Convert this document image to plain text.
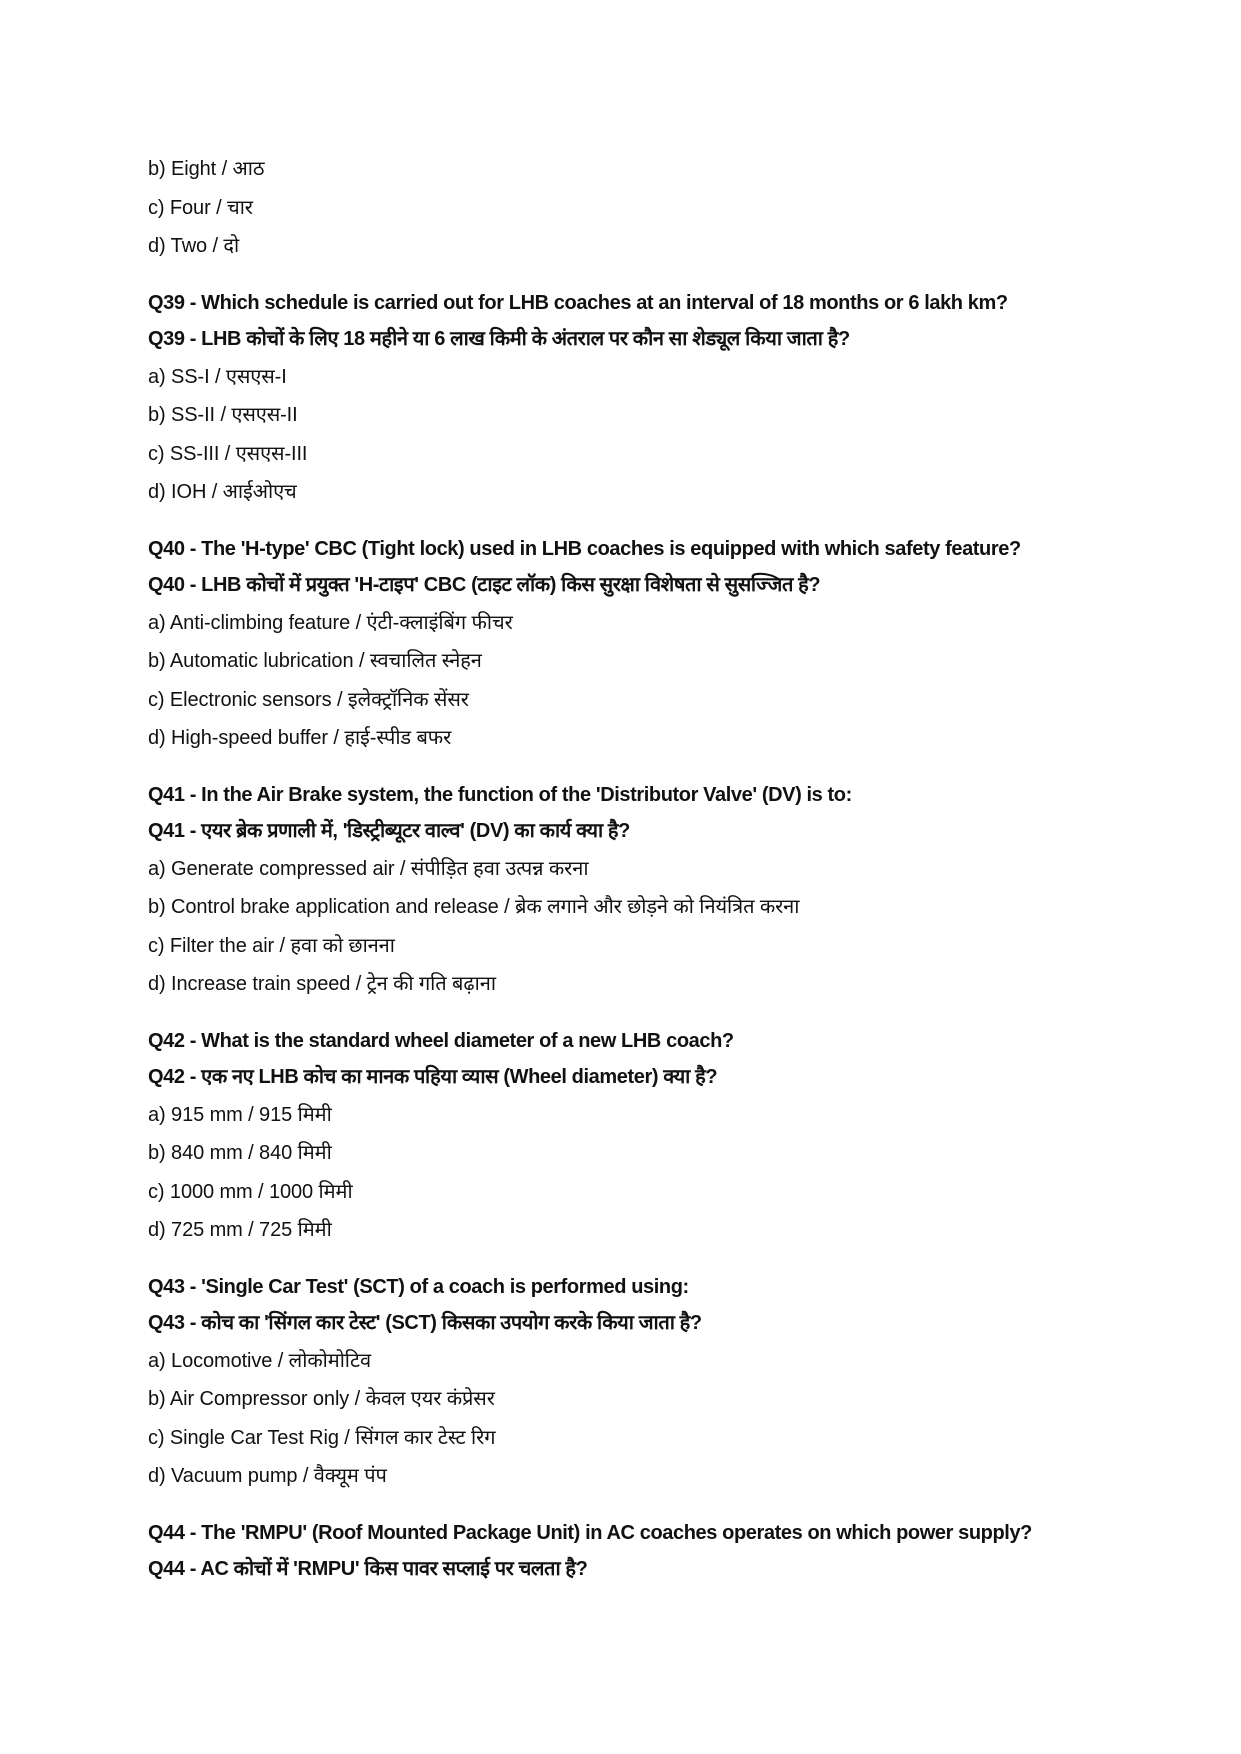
b) Eight / आठ
c) Four / चार
d) Two / दो
Q39 - Which schedule is carried out for LHB coaches at an interval of 18 months or 6 lakh km?
Q39 - LHB कोचों के लिए 18 महीने या 6 लाख किमी के अंतराल पर कौन सा शेड्यूल किया जाता है?
a) SS-I / एसएस-I
b) SS-II / एसएस-II
c) SS-III / एसएस-III
d) IOH / आईओएच
Q40 - The 'H-type' CBC (Tight lock) used in LHB coaches is equipped with which safety feature?
Q40 - LHB कोचों में प्रयुक्त 'H-टाइप' CBC (टाइट लॉक) किस सुरक्षा विशेषता से सुसज्जित है?
a) Anti-climbing feature / एंटी-क्लाइंबिंग फीचर
b) Automatic lubrication / स्वचालित स्नेहन
c) Electronic sensors / इलेक्ट्रॉनिक सेंसर
d) High-speed buffer / हाई-स्पीड बफर
Q41 - In the Air Brake system, the function of the 'Distributor Valve' (DV) is to:
Q41 - एयर ब्रेक प्रणाली में, 'डिस्ट्रीब्यूटर वाल्व' (DV) का कार्य क्या है?
a) Generate compressed air / संपीड़ित हवा उत्पन्न करना
b) Control brake application and release / ब्रेक लगाने और छोड़ने को नियंत्रित करना
c) Filter the air / हवा को छानना
d) Increase train speed / ट्रेन की गति बढ़ाना
Q42 - What is the standard wheel diameter of a new LHB coach?
Q42 - एक नए LHB कोच का मानक पहिया व्यास (Wheel diameter) क्या है?
a) 915 mm / 915 मिमी
b) 840 mm / 840 मिमी
c) 1000 mm / 1000 मिमी
d) 725 mm / 725 मिमी
Q43 - 'Single Car Test' (SCT) of a coach is performed using:
Q43 - कोच का 'सिंगल कार टेस्ट' (SCT) किसका उपयोग करके किया जाता है?
a) Locomotive / लोकोमोटिव
b) Air Compressor only / केवल एयर कंप्रेसर
c) Single Car Test Rig / सिंगल कार टेस्ट रिग
d) Vacuum pump / वैक्यूम पंप
Q44 - The 'RMPU' (Roof Mounted Package Unit) in AC coaches operates on which power supply?
Q44 - AC कोचों में 'RMPU' किस पावर सप्लाई पर चलता है?
